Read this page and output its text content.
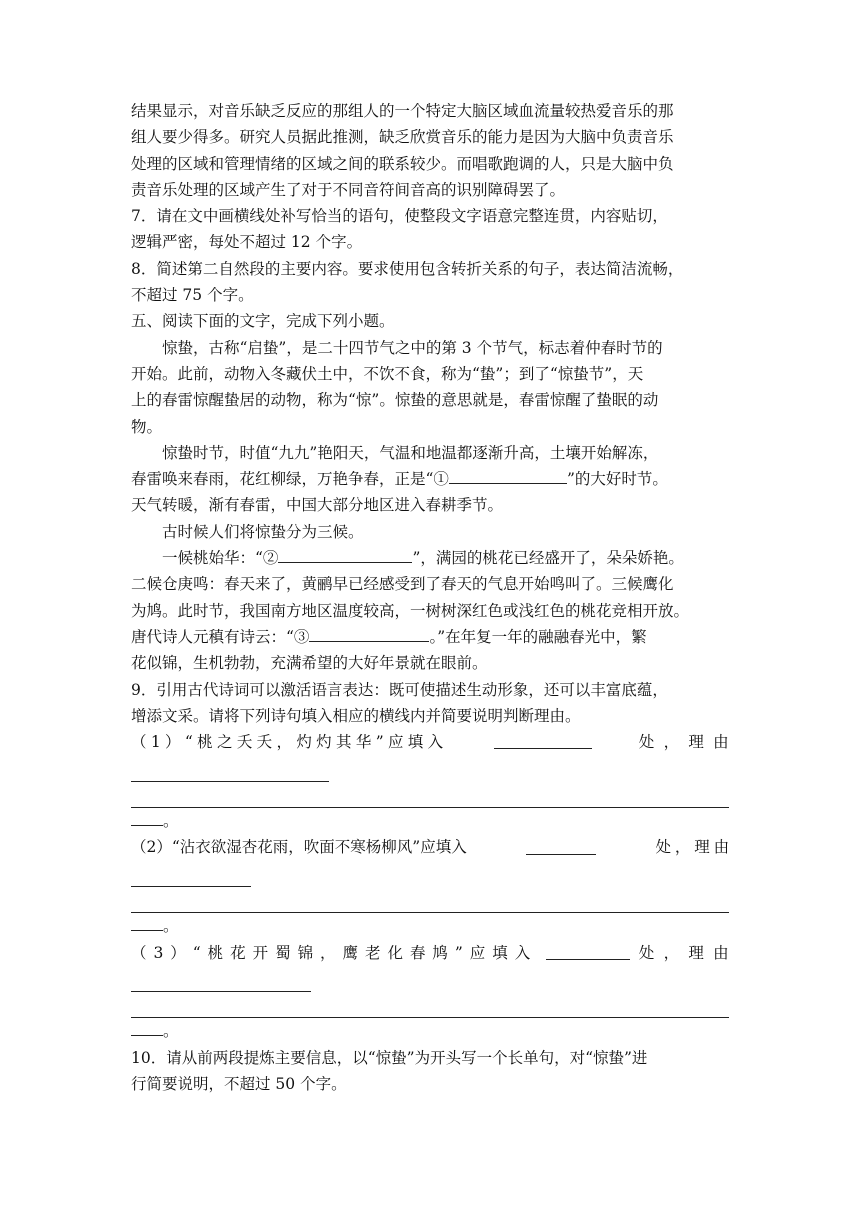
结果显示，对音乐缺乏反应的那组人的一个特定大脑区域血流量较热爱音乐的那
组人要少得多。研究人员据此推测，缺乏欣赏音乐的能力是因为大脑中负责音乐
处理的区域和管理情绪的区域之间的联系较少。而唱歌跑调的人，只是大脑中负
责音乐处理的区域产生了对于不同音符间音高的识别障碍罢了。
7．请在文中画横线处补写恰当的语句，使整段文字语意完整连贯，内容贴切，
逻辑严密，每处不超过 12 个字。
8．简述第二自然段的主要内容。要求使用包含转折关系的句子，表达简洁流畅，
不超过 75 个字。
五、阅读下面的文字，完成下列小题。
惊蛰，古称“启蛰”，是二十四节气之中的第 3 个节气，标志着仲春时节的
开始。此前，动物入冬藏伏土中，不饮不食，称为“蛰”；到了“惊蛰节”，天
上的春雷惊醒蛰居的动物，称为“惊”。惊蛰的意思就是，春雷惊醒了蛰眠的动
物。
惊蛰时节，时值“九九”艳阳天，气温和地温都逐渐升高，土壤开始解冻，
春雷唤来春雨，花红柳绿，万艳争春，正是“①	”的大好时节。
天气转暖，渐有春雷，中国大部分地区进入春耕季节。
古时候人们将惊蛰分为三候。
一候桃始华：“②	”，满园的桃花已经盛开了，朵朵娇艳。
二候仓庚鸣：春天来了，黄鹂早已经感受到了春天的气息开始鸣叫了。三候鹰化
为鸠。此时节，我国南方地区温度较高，一树树深红色或浅红色的桃花竞相开放。
唐代诗人元稹有诗云：“③	。”在年复一年的融融春光中，繁
花似锦，生机勃勃，充满希望的大好年景就在眼前。
9．引用古代诗词可以激活语言表达：既可使描述生动形象，还可以丰富底蕴，
增添文采。请将下列诗句填入相应的横线内并简要说明判断理由。
（1）“桃之夭夭，灼灼其华”应填入	处，理由
。
（2）“沾衣欲湿杏花雨，吹面不寒杨柳风”应填入	处，理由
。
（3）“桃花开蜀锦，鹰老化春鸠”应填入	处，理由
。
10．请从前两段提炼主要信息，以“惊蛰”为开头写一个长单句，对“惊蛰”进
行简要说明，不超过 50 个字。
